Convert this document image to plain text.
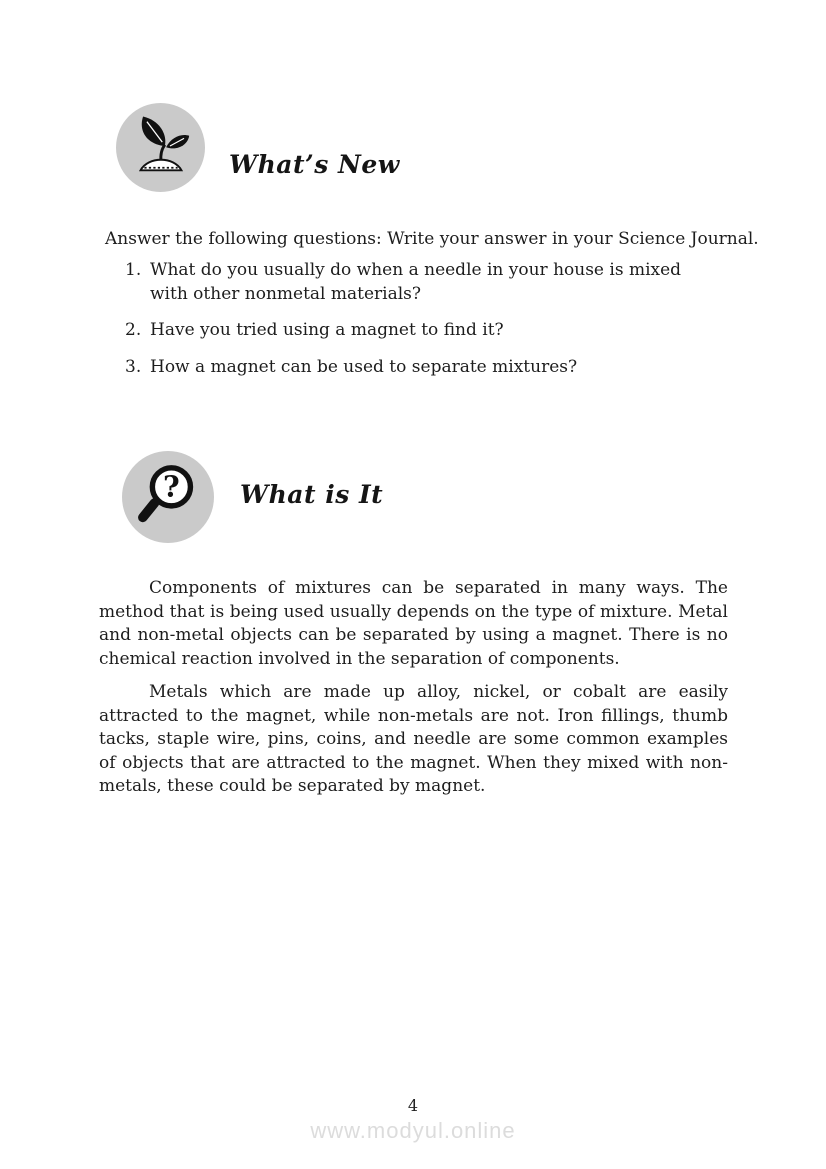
What’s New
Answer the following questions: Write your answer in your Science Journal.
1. What do you usually do when a needle in your house is mixed with other nonmetal materials?
2. Have you tried using a magnet to find it?
3. How a magnet can be used to separate mixtures?
? What is It
Components of mixtures can be separated in many ways. The method that is being used usually depends on the type of mixture. Metal and non-metal objects can be separated by using a magnet. There is no chemical reaction involved in the separation of components.
Metals which are made up alloy, nickel, or cobalt are easily attracted to the magnet, while non-metals are not. Iron fillings, thumb tacks, staple wire, pins, coins, and needle are some common examples of objects that are attracted to the magnet. When they mixed with non-metals, these could be separated by magnet.
4
www.modyul.online
